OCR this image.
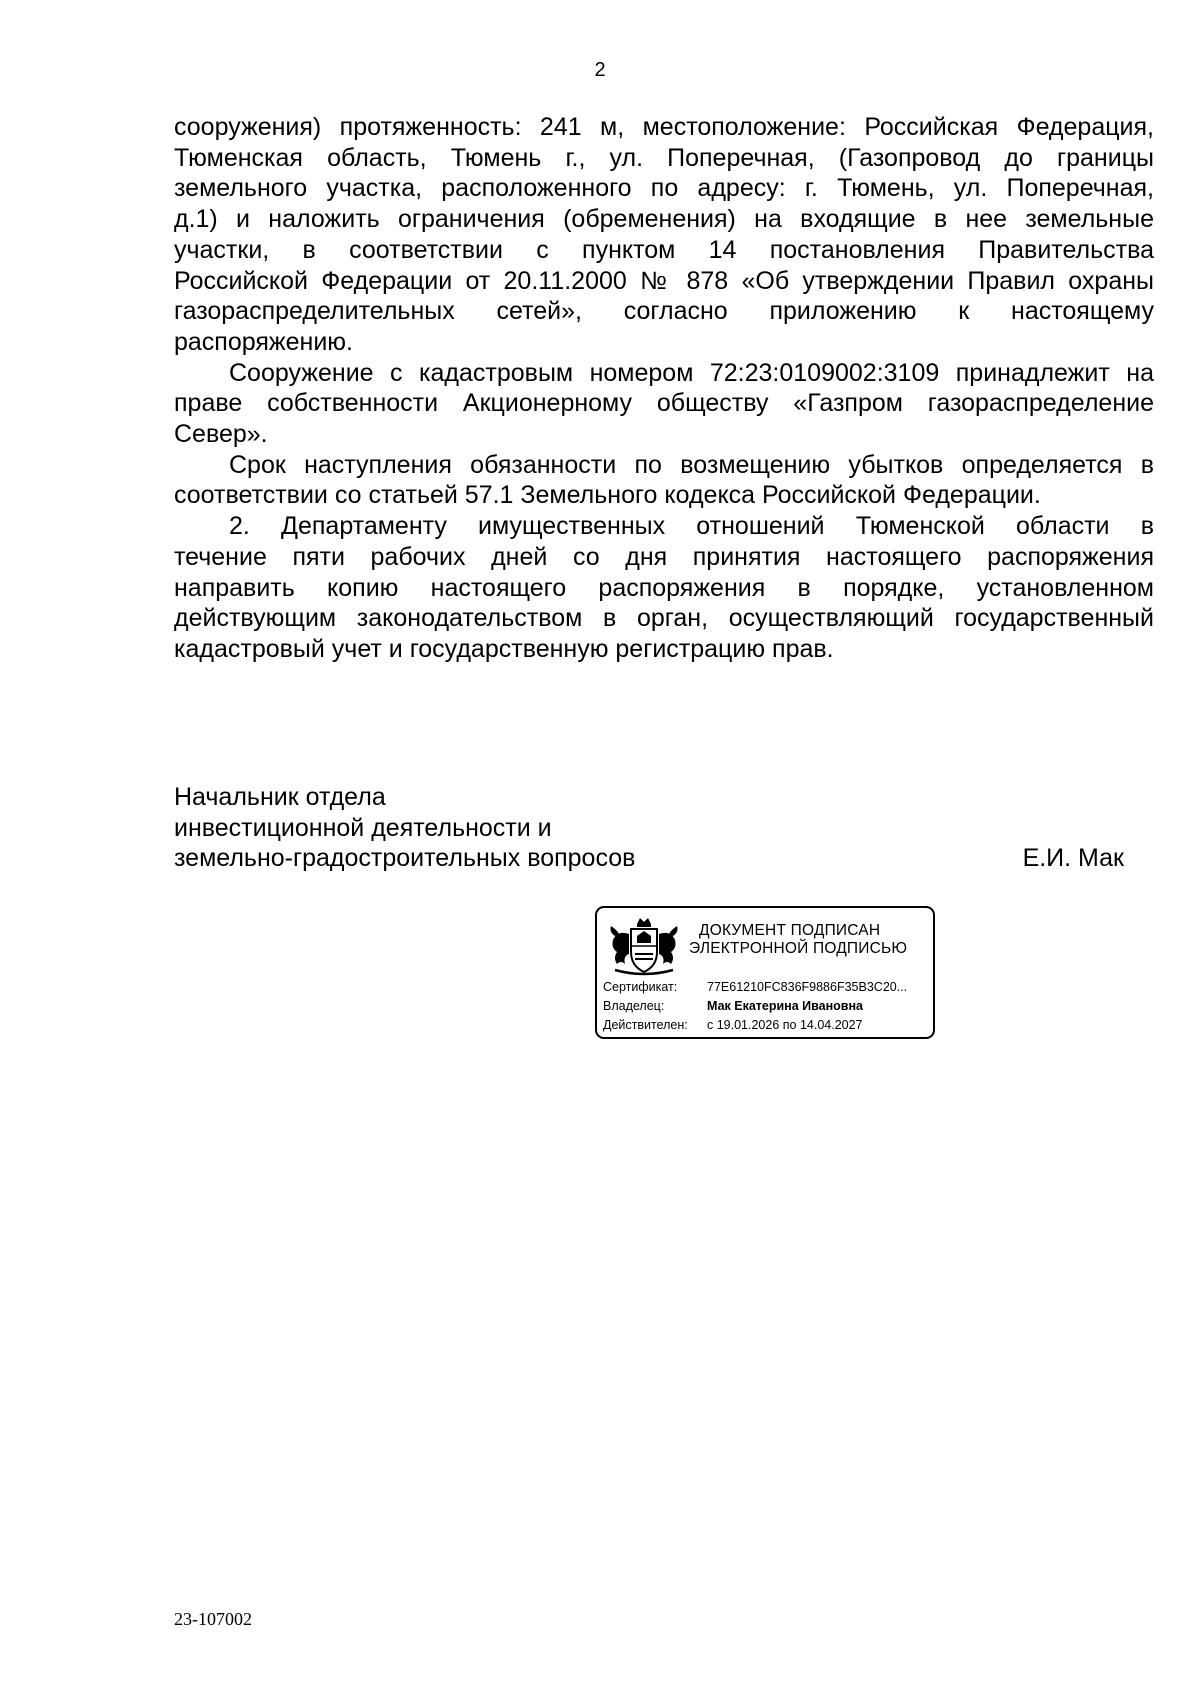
2

сооружения) протяженность: 241 м, местоположение: Российская Федерация,
Тюменская область, Тюмень г., ул. Поперечная, (Газопровод до границы
земельного участка, расположенного по адресу: г. Тюмень, ул. Поперечная,
д.1) и наложить ограничения (обременения) на входящие в нее земельные
участки, в соответствии с пунктом 14 постановления Правительства
Российской Федерации от 20.11.2000 № 878 «Об утверждении Правил охраны
газораспределительных сетей», согласно приложению к настоящему
распоряжению.

Сооружение с кадастровым номером 72:23:0109002:3109 принадлежит на
праве собственности Акционерному обществу «Газпром газораспределение
Север».

Срок наступления обязанности по возмещению убытков определяется в
соответствии со статьей 57.1 Земельного кодекса Российской Федерации.

2. Департаменту имущественных отношений Тюменской области в
течение пяти рабочих дней со дня принятия настоящего распоряжения
направить копию настоящего распоряжения в порядке, установленном
действующим законодательством в орган, осуществляющий государственный
кадастровый учет и государственную регистрацию прав.

Начальник отдела
инвестиционной деятельности и
земельно-градостроительных вопросов	Е.И. Мак
ДОКУМЕНТ ПОДПИСАН
ЭЛЕКТРОННОЙ ПОДПИСЬЮ
Сертификат:	77E61210FC836F9886F35B3C20...
Владелец:	Мак Екатерина Ивановна
Действителен:	с 19.01.2026 по 14.04.2027
23-107002
